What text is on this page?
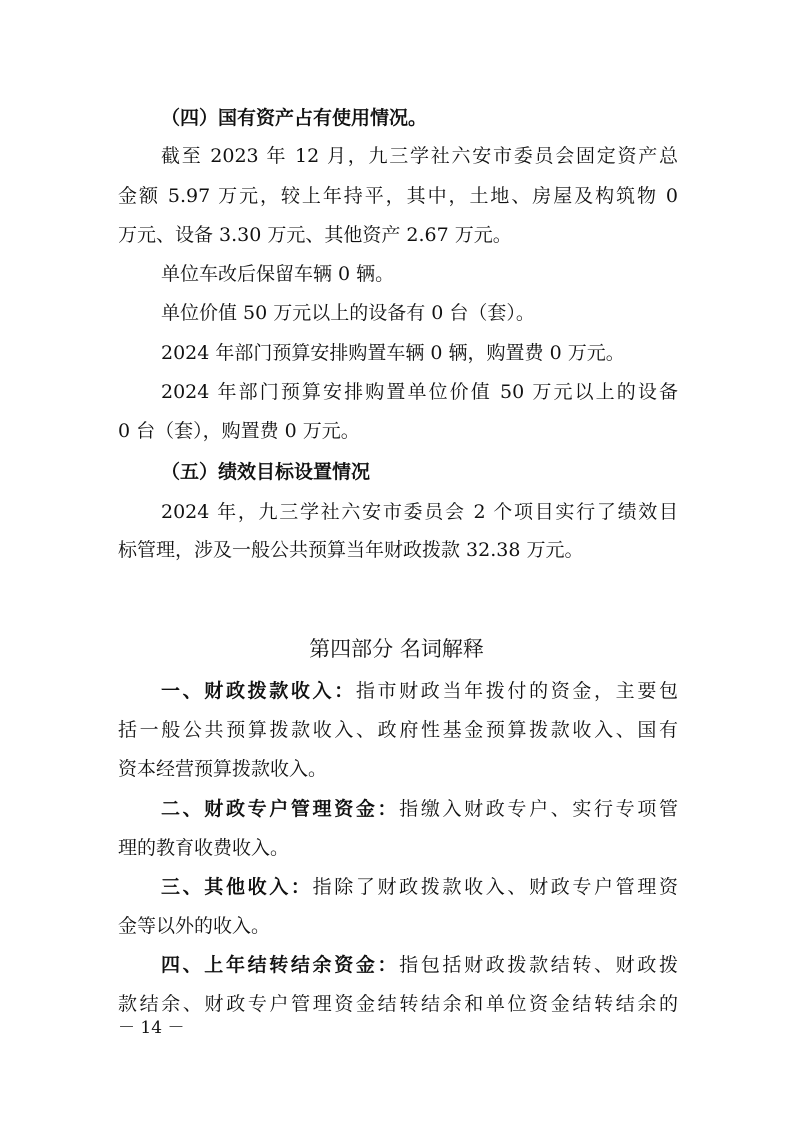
（四）国有资产占有使用情况。
截至 2023 年 12 月，九三学社六安市委员会固定资产总
金额 5.97 万元，较上年持平，其中，土地、房屋及构筑物 0
万元、设备 3.30 万元、其他资产 2.67 万元。
单位车改后保留车辆 0 辆。
单位价值 50 万元以上的设备有 0 台（套）。
2024 年部门预算安排购置车辆 0 辆，购置费 0 万元。
2024 年部门预算安排购置单位价值 50 万元以上的设备
0 台（套），购置费 0 万元。
（五）绩效目标设置情况
2024 年，九三学社六安市委员会 2 个项目实行了绩效目
标管理，涉及一般公共预算当年财政拨款 32.38 万元。
第四部分 名词解释
一、财政拨款收入：指市财政当年拨付的资金，主要包
括一般公共预算拨款收入、政府性基金预算拨款收入、国有
资本经营预算拨款收入。
二、财政专户管理资金：指缴入财政专户、实行专项管
理的教育收费收入。
三、其他收入：指除了财政拨款收入、财政专户管理资
金等以外的收入。
四、上年结转结余资金：指包括财政拨款结转、财政拨
款结余、财政专户管理资金结转结余和单位资金结转结余的
－ 14 －
